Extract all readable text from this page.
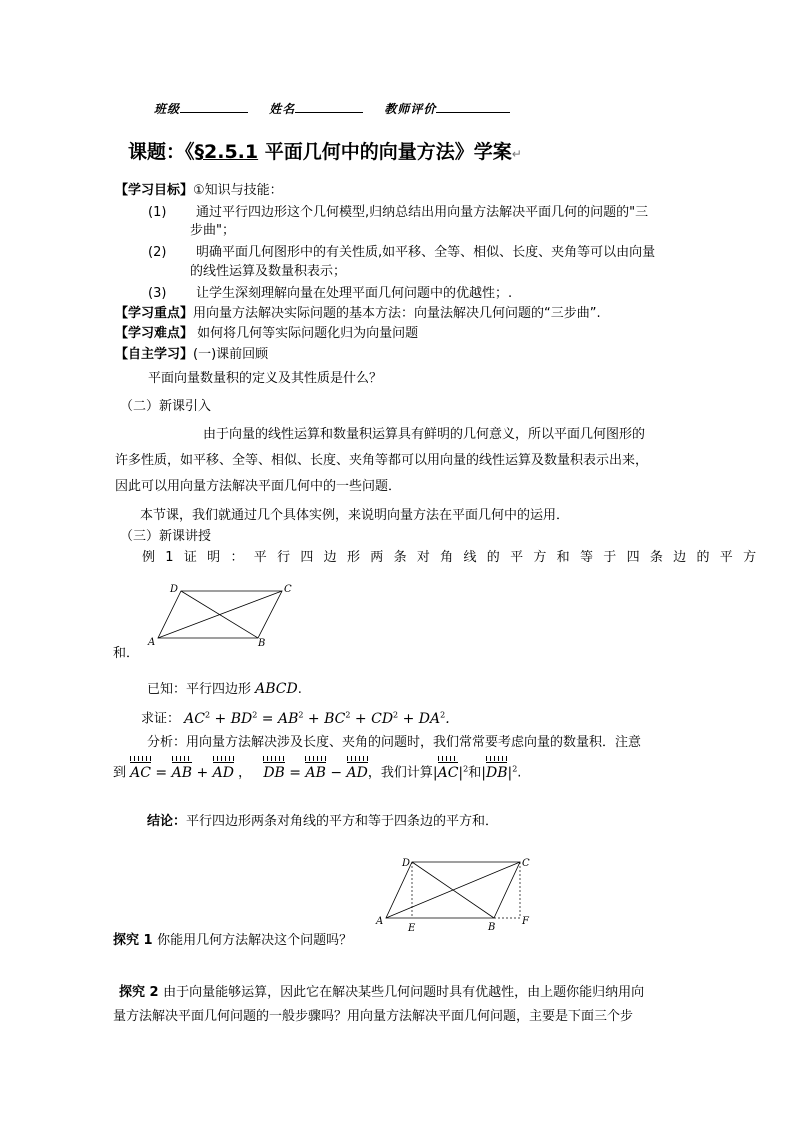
班级	姓名	教师评价
课题：《§2.5.1 平面几何中的向量方法》学案↵
【学习目标】①知识与技能：
(1) 通过平行四边形这个几何模型,归纳总结出用向量方法解决平面几何的问题的"三
步曲"；
(2) 明确平面几何图形中的有关性质,如平移、全等、相似、长度、夹角等可以由向量
的线性运算及数量积表示；
(3) 让学生深刻理解向量在处理平面几何问题中的优越性；.
【学习重点】用向量方法解决实际问题的基本方法：向量法解决几何问题的“三步曲”.
【学习难点】 如何将几何等实际问题化归为向量问题
【自主学习】(一)课前回顾
平面向量数量积的定义及其性质是什么？
（二）新课引入
由于向量的线性运算和数量积运算具有鲜明的几何意义，所以平面几何图形的
许多性质，如平移、全等、相似、长度、夹角等都可以用向量的线性运算及数量积表示出来，
因此可以用向量方法解决平面几何中的一些问题．
本节课，我们就通过几个具体实例，来说明向量方法在平面几何中的运用．
（三）新课讲授
例1证明：平行四边形两条对角线的平方和等于四条边的平方
A	B
C
D
和．
已知：平行四边形 ABCD.
求证： $AC^2 + BD^2 = AB^2 + BC^2 + CD^2 + DA^2$.
分析：用向量方法解决涉及长度、夹角的问题时，我们常常要考虑向量的数量积．注意
到 AC = AB + AD ， DB = AB − AD，我们计算$|AC|^2$和$|DB|^2$.
结论：平行四边形两条对角线的平方和等于四条边的平方和．
A
B
C
D
E
F
探究 1 你能用几何方法解决这个问题吗？
探究 2 由于向量能够运算，因此它在解决某些几何问题时具有优越性，由上题你能归纳用向
量方法解决平面几何问题的一般步骤吗？用向量方法解决平面几何问题，主要是下面三个步
